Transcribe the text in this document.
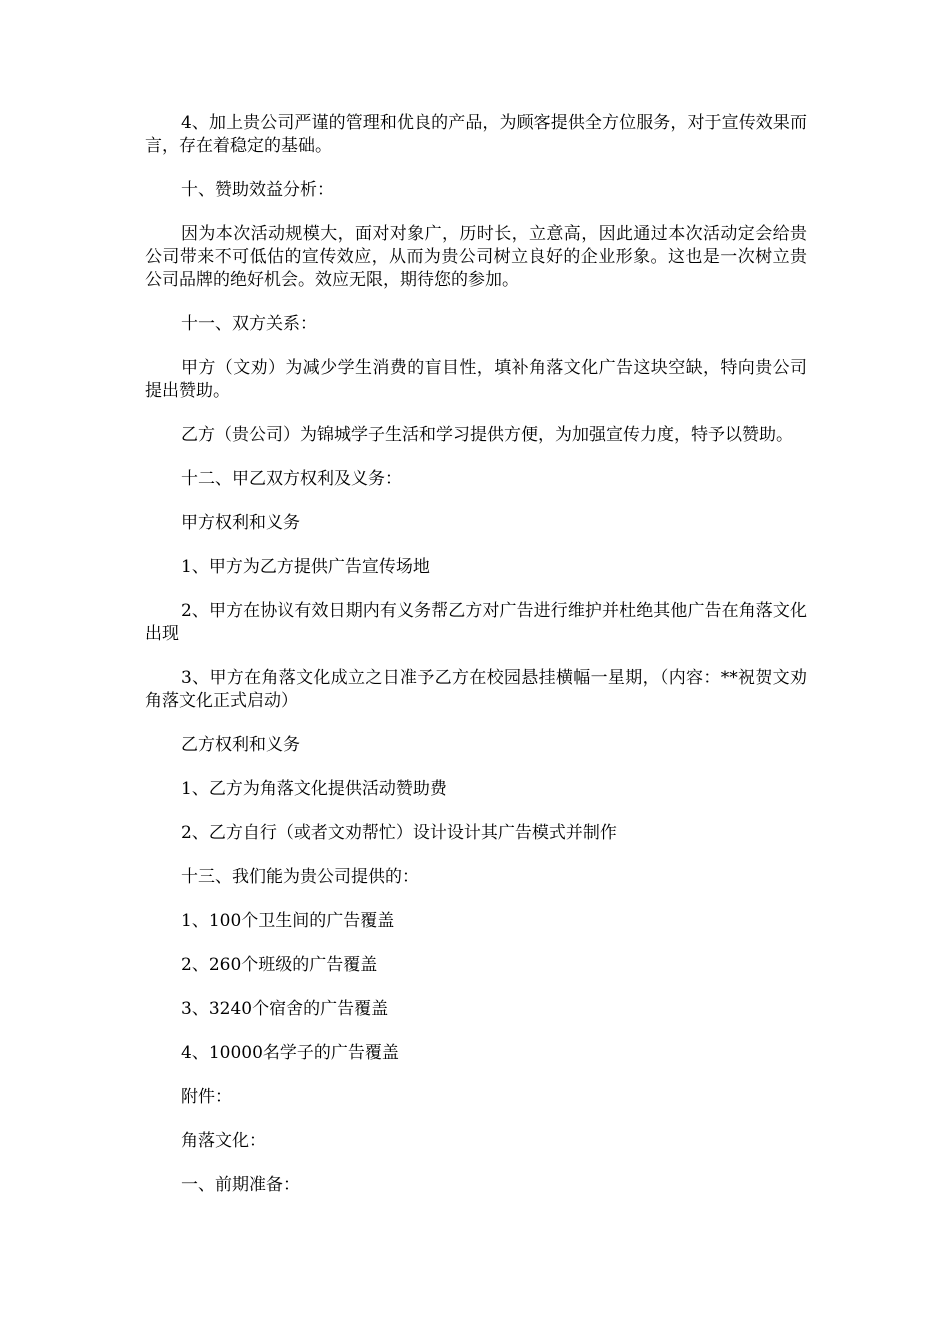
4、加上贵公司严谨的管理和优良的产品，为顾客提供全方位服务，对于宣传效果而言，存在着稳定的基础。

十、赞助效益分析：

因为本次活动规模大，面对对象广，历时长，立意高，因此通过本次活动定会给贵公司带来不可低估的宣传效应，从而为贵公司树立良好的企业形象。这也是一次树立贵公司品牌的绝好机会。效应无限，期待您的参加。

十一、双方关系：

甲方（文劝）为减少学生消费的盲目性，填补角落文化广告这块空缺，特向贵公司提出赞助。

乙方（贵公司）为锦城学子生活和学习提供方便，为加强宣传力度，特予以赞助。

十二、甲乙双方权利及义务：

甲方权利和义务

1、甲方为乙方提供广告宣传场地

2、甲方在协议有效日期内有义务帮乙方对广告进行维护并杜绝其他广告在角落文化出现

3、甲方在角落文化成立之日准予乙方在校园悬挂横幅一星期，（内容：**祝贺文劝角落文化正式启动）

乙方权利和义务

1、乙方为角落文化提供活动赞助费

2、乙方自行（或者文劝帮忙）设计设计其广告模式并制作

十三、我们能为贵公司提供的：

1、100个卫生间的广告覆盖

2、260个班级的广告覆盖

3、3240个宿舍的广告覆盖

4、10000名学子的广告覆盖

附件：

角落文化：

一、前期准备：
